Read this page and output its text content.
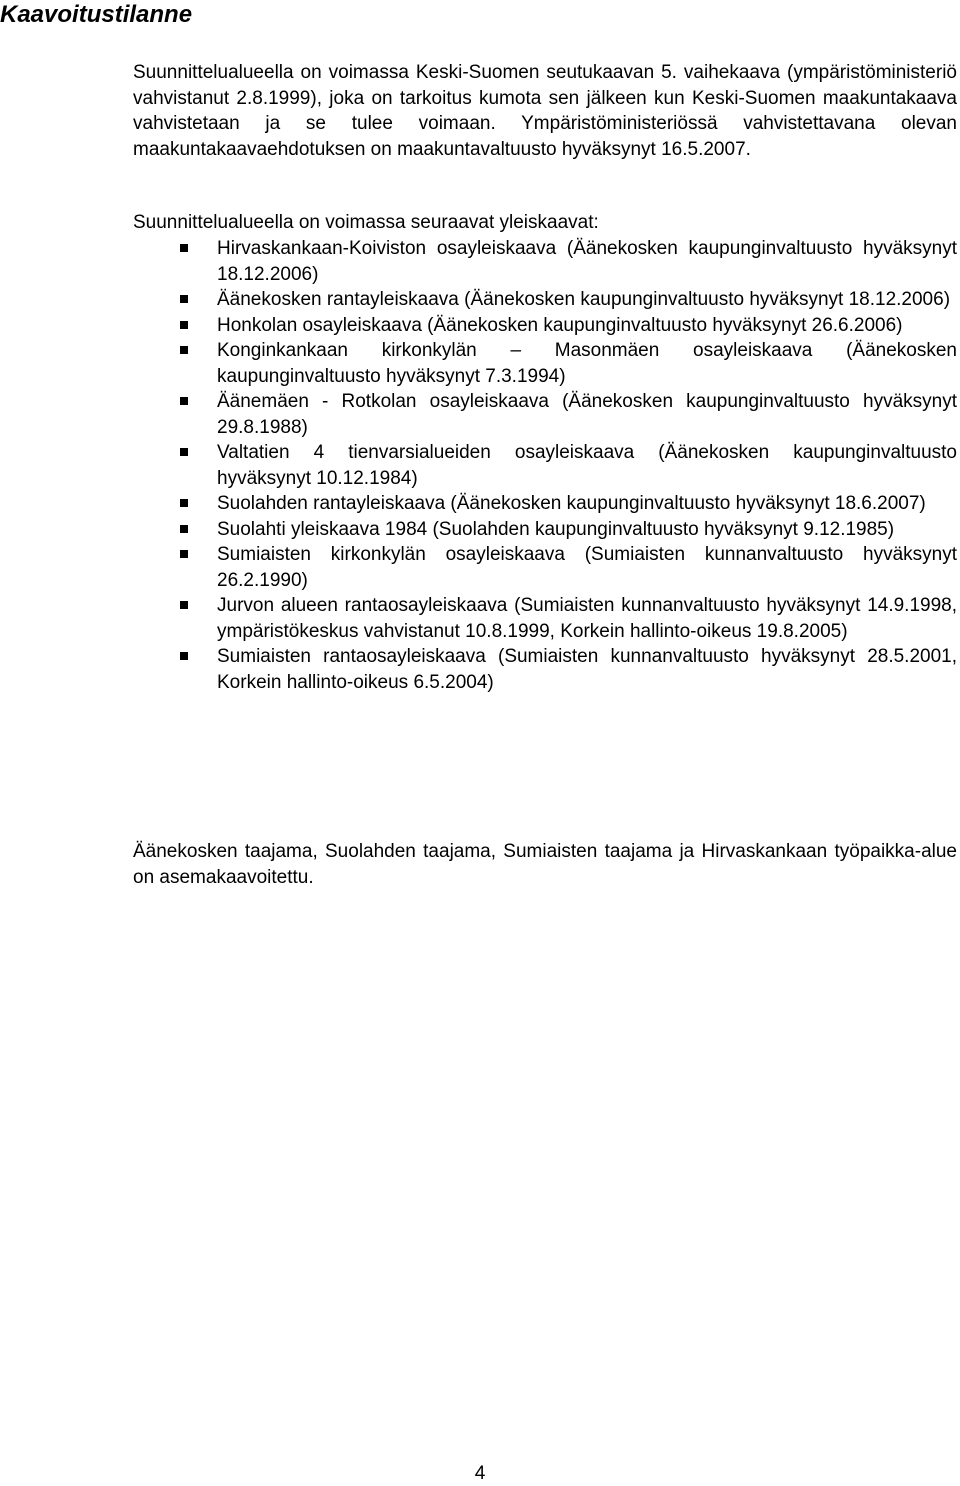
Kaavoitustilanne

Suunnittelualueella on voimassa Keski-Suomen seutukaavan 5. vaihekaava (ympäristöministeriö vahvistanut 2.8.1999), joka on tarkoitus kumota sen jälkeen kun Keski-Suomen maakuntakaava vahvistetaan ja se tulee voimaan. Ympäristöministeriössä vahvistettavana olevan maakuntakaavaehdotuksen on maakuntavaltuusto hyväksynyt 16.5.2007.

Suunnittelualueella on voimassa seuraavat yleiskaavat:

Hirvaskankaan-Koiviston osayleiskaava (Äänekosken kaupunginvaltuusto hyväksynyt 18.12.2006)
Äänekosken rantayleiskaava (Äänekosken kaupunginvaltuusto hyväksynyt 18.12.2006)
Honkolan osayleiskaava (Äänekosken kaupunginvaltuusto hyväksynyt 26.6.2006)
Konginkankaan kirkonkylän – Masonmäen osayleiskaava (Äänekosken kaupunginvaltuusto hyväksynyt 7.3.1994)
Äänemäen - Rotkolan osayleiskaava (Äänekosken kaupunginvaltuusto hyväksynyt 29.8.1988)
Valtatien 4 tienvarsialueiden osayleiskaava (Äänekosken kaupunginvaltuusto hyväksynyt 10.12.1984)
Suolahden rantayleiskaava (Äänekosken kaupunginvaltuusto hyväksynyt 18.6.2007)
Suolahti yleiskaava 1984 (Suolahden kaupunginvaltuusto hyväksynyt 9.12.1985)
Sumiaisten kirkonkylän osayleiskaava (Sumiaisten kunnanvaltuusto hyväksynyt 26.2.1990)
Jurvon alueen rantaosayleiskaava (Sumiaisten kunnanvaltuusto hyväksynyt 14.9.1998, ympäristökeskus vahvistanut 10.8.1999, Korkein hallinto-oikeus 19.8.2005)
Sumiaisten rantaosayleiskaava (Sumiaisten kunnanvaltuusto hyväksynyt 28.5.2001, Korkein hallinto-oikeus 6.5.2004)

Äänekosken taajama, Suolahden taajama, Sumiaisten taajama ja Hirvaskankaan työpaikka-alue on asemakaavoitettu.

4
